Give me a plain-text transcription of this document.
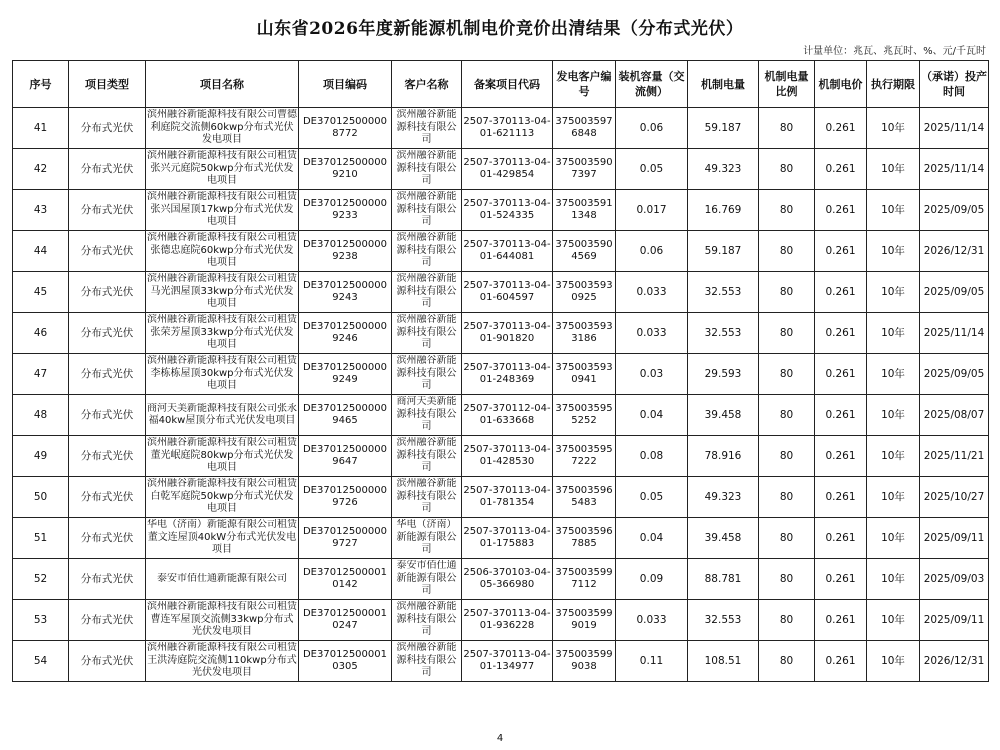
山东省2026年度新能源机制电价竞价出清结果（分布式光伏）
计量单位：兆瓦、兆瓦时、%、元/千瓦时
序号	项目类型	项目名称	项目编码	客户名称	备案项目代码	发电客户编号	装机容量（交流侧）	机制电量	机制电量比例	机制电价	执行期限	（承诺）投产时间

41	分布式光伏	滨州融谷新能源科技有限公司曹德利庭院交流侧60kwp分布式光伏发电项目	DE370125000008772	滨州融谷新能源科技有限公司	2507-370113-04-01-621113	3750035976848	0.06	59.187	80	0.261	10年	2025/11/14

42	分布式光伏	滨州融谷新能源科技有限公司租赁张兴元庭院50kwp分布式光伏发电项目	DE370125000009210	滨州融谷新能源科技有限公司	2507-370113-04-01-429854	3750035907397	0.05	49.323	80	0.261	10年	2025/11/14

43	分布式光伏	滨州融谷新能源科技有限公司租赁张兴国屋顶17kwp分布式光伏发电项目	DE370125000009233	滨州融谷新能源科技有限公司	2507-370113-04-01-524335	3750035911348	0.017	16.769	80	0.261	10年	2025/09/05

44	分布式光伏	滨州融谷新能源科技有限公司租赁张德忠庭院60kwp分布式光伏发电项目	DE370125000009238	滨州融谷新能源科技有限公司	2507-370113-04-01-644081	3750035904569	0.06	59.187	80	0.261	10年	2026/12/31

45	分布式光伏	滨州融谷新能源科技有限公司租赁马光泗屋顶33kwp分布式光伏发电项目	DE370125000009243	滨州融谷新能源科技有限公司	2507-370113-04-01-604597	3750035930925	0.033	32.553	80	0.261	10年	2025/09/05

46	分布式光伏	滨州融谷新能源科技有限公司租赁张荣芳屋顶33kwp分布式光伏发电项目	DE370125000009246	滨州融谷新能源科技有限公司	2507-370113-04-01-901820	3750035933186	0.033	32.553	80	0.261	10年	2025/11/14

47	分布式光伏	滨州融谷新能源科技有限公司租赁李栋栋屋顶30kwp分布式光伏发电项目	DE370125000009249	滨州融谷新能源科技有限公司	2507-370113-04-01-248369	3750035930941	0.03	29.593	80	0.261	10年	2025/09/05

48	分布式光伏	商河天美新能源科技有限公司张永福40kw屋顶分布式光伏发电项目	DE370125000009465	商河天美新能源科技有限公司	2507-370112-04-01-633668	3750035955252	0.04	39.458	80	0.261	10年	2025/08/07

49	分布式光伏	滨州融谷新能源科技有限公司租赁董光岷庭院80kwp分布式光伏发电项目	DE370125000009647	滨州融谷新能源科技有限公司	2507-370113-04-01-428530	3750035957222	0.08	78.916	80	0.261	10年	2025/11/21

50	分布式光伏	滨州融谷新能源科技有限公司租赁白乾军庭院50kwp分布式光伏发电项目	DE370125000009726	滨州融谷新能源科技有限公司	2507-370113-04-01-781354	3750035965483	0.05	49.323	80	0.261	10年	2025/10/27

51	分布式光伏	华电（济南）新能源有限公司租赁董文连屋顶40kW分布式光伏发电项目	DE370125000009727	华电（济南）新能源有限公司	2507-370113-04-01-175883	3750035967885	0.04	39.458	80	0.261	10年	2025/09/11

52	分布式光伏	泰安市佰仕通新能源有限公司	DE370125000010142	泰安市佰仕通新能源有限公司	2506-370103-04-05-366980	3750035997112	0.09	88.781	80	0.261	10年	2025/09/03

53	分布式光伏	滨州融谷新能源科技有限公司租赁曹连军屋顶交流侧33kwp分布式光伏发电项目	DE370125000010247	滨州融谷新能源科技有限公司	2507-370113-04-01-936228	3750035999019	0.033	32.553	80	0.261	10年	2025/09/11

54	分布式光伏	滨州融谷新能源科技有限公司租赁王洪涛庭院交流侧110kwp分布式光伏发电项目	DE370125000010305	滨州融谷新能源科技有限公司	2507-370113-04-01-134977	3750035999038	0.11	108.51	80	0.261	10年	2026/12/31
4
